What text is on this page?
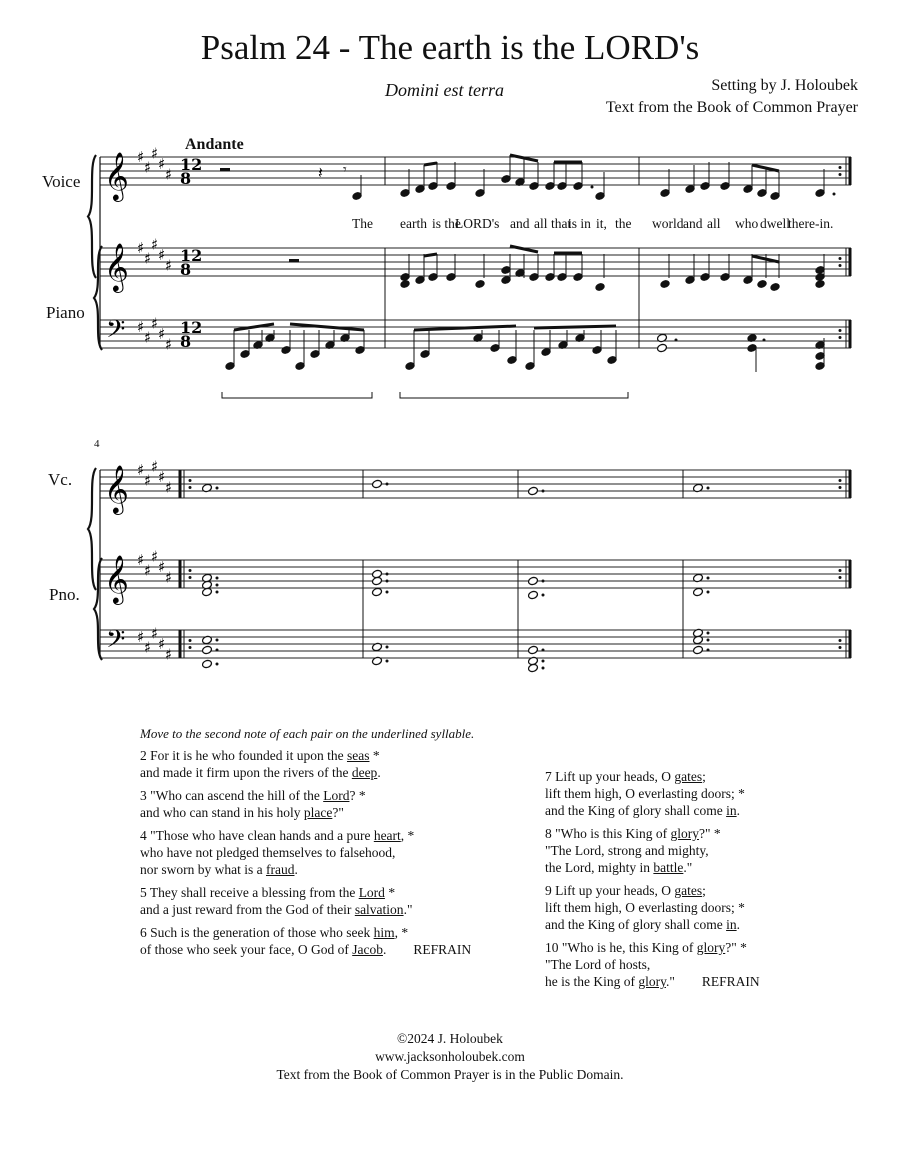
Psalm 24 - The earth is the LORD's
Domini est terra	Setting by J. Holoubek
Text from the Book of Common Prayer
𝄞
𝄞
𝄢
♯
♯
♯
♯
♯
♯
♯
♯
♯
♯
♯
♯
♯
♯
♯
12
8
12
8
12
8
𝄽 𝄾
𝄞
𝄞
𝄢
♯
♯
♯
♯
♯
♯
♯
♯
♯
♯
♯
♯
♯
♯
♯
Andante
Voice
Piano
Vc.
Pno.
4
The earth is the
LORD's and all that
is in it, the world and all who dwell
there-in.
Move to the second note of each pair on the underlined syllable.
2 For it is he who founded it upon the seas *
and made it firm upon the rivers of the deep.
3 "Who can ascend the hill of the Lord? *
and who can stand in his holy place?"
4 "Those who have clean hands and a pure heart, *
who have not pledged themselves to falsehood,
nor sworn by what is a fraud.
5 They shall receive a blessing from the Lord *
and a just reward from the God of their salvation."
6 Such is the generation of those who seek him, *
of those who seek your face, O God of Jacob.        REFRAIN
7 Lift up your heads, O gates;
lift them high, O everlasting doors; *
and the King of glory shall come in.
8 "Who is this King of glory?" *
"The Lord, strong and mighty,
the Lord, mighty in battle."
9 Lift up your heads, O gates;
lift them high, O everlasting doors; *
and the King of glory shall come in.
10 "Who is he, this King of glory?" *
"The Lord of hosts,
he is the King of glory."        REFRAIN
©2024 J. Holoubek
www.jacksonholoubek.com
Text from the Book of Common Prayer is in the Public Domain.
